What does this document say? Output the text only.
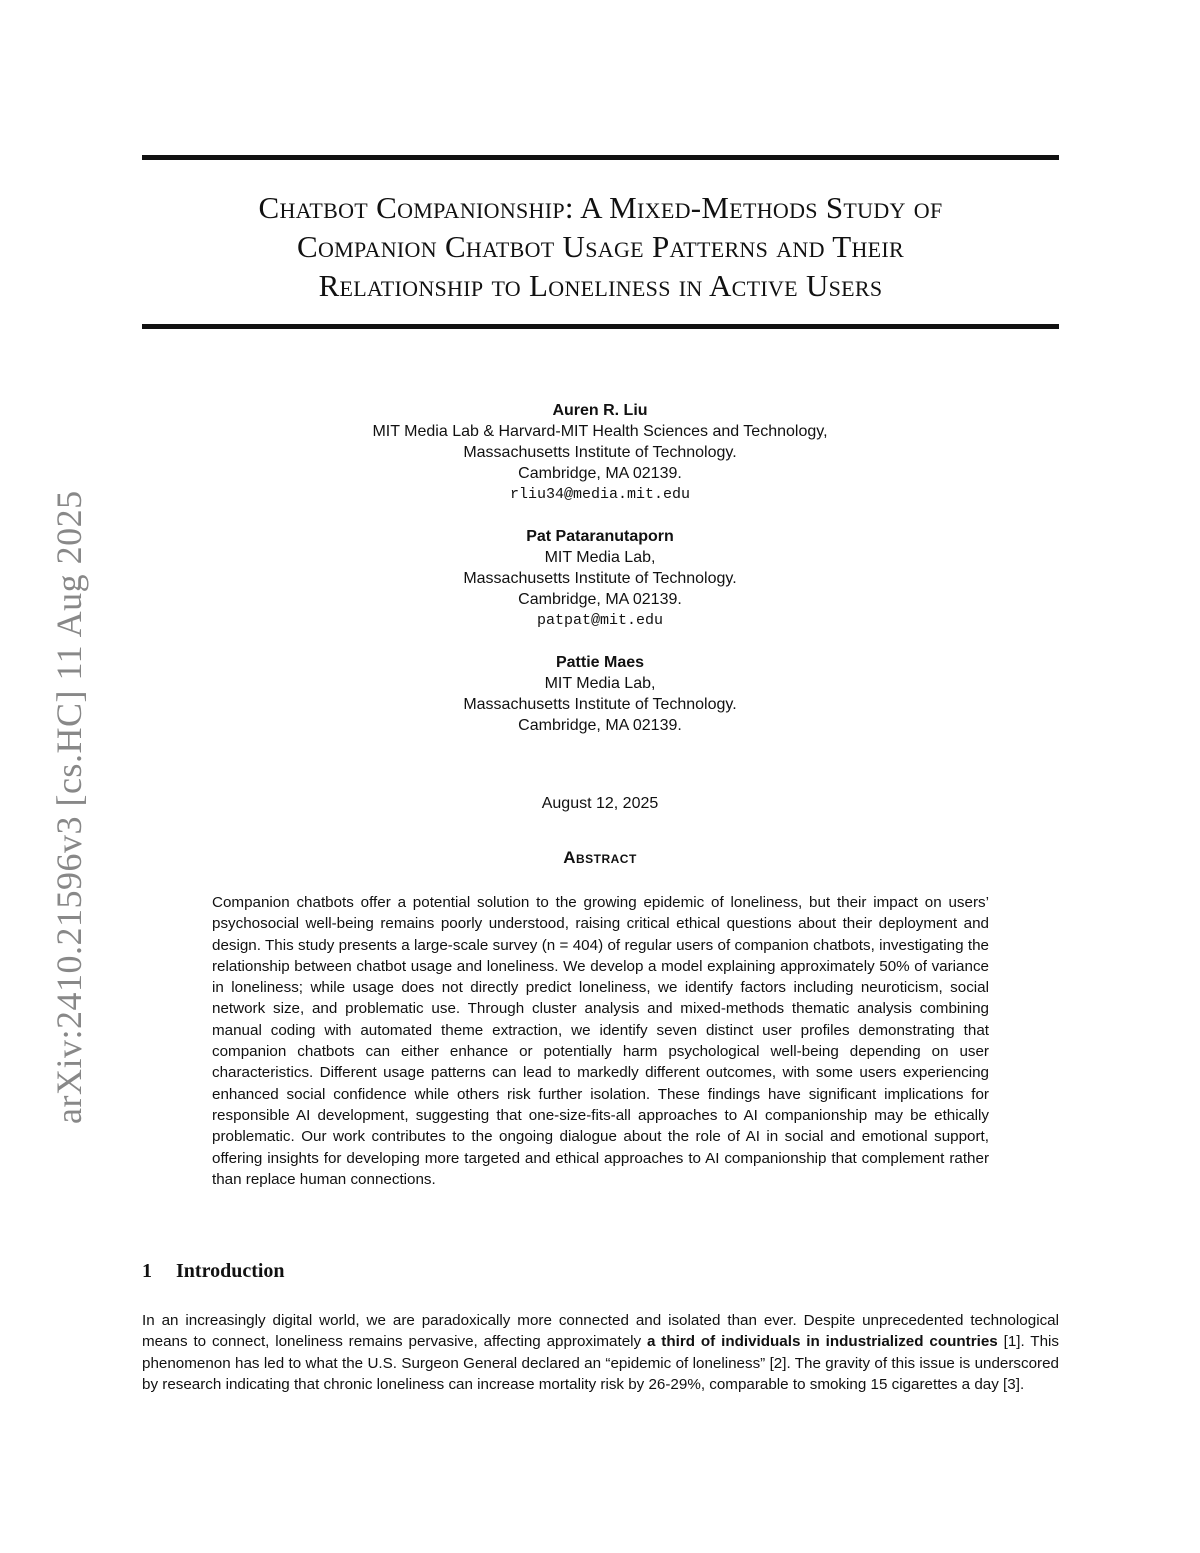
arXiv:2410.21596v3 [cs.HC] 11 Aug 2025
Chatbot Companionship: A Mixed-Methods Study of
Companion Chatbot Usage Patterns and Their
Relationship to Loneliness in Active Users
Auren R. Liu
MIT Media Lab & Harvard-MIT Health Sciences and Technology,
Massachusetts Institute of Technology.
Cambridge, MA 02139.
rliu34@media.mit.edu
Pat Pataranutaporn
MIT Media Lab,
Massachusetts Institute of Technology.
Cambridge, MA 02139.
patpat@mit.edu
Pattie Maes
MIT Media Lab,
Massachusetts Institute of Technology.
Cambridge, MA 02139.
August 12, 2025
Abstract
Companion chatbots offer a potential solution to the growing epidemic of loneliness, but their impact on users’ psychosocial well-being remains poorly understood, raising critical ethical questions about their deployment and design. This study presents a large-scale survey (n = 404) of regular users of companion chatbots, investigating the relationship between chatbot usage and loneliness. We develop a model explaining approximately 50% of variance in loneliness; while usage does not directly predict loneliness, we identify factors including neuroticism, social network size, and problematic use. Through cluster analysis and mixed-methods thematic analysis combining manual coding with automated theme extraction, we identify seven distinct user profiles demonstrating that companion chatbots can either enhance or potentially harm psychological well-being depending on user characteristics. Different usage patterns can lead to markedly different outcomes, with some users experiencing enhanced social confidence while others risk further isolation. These findings have significant implications for responsible AI development, suggesting that one-size-fits-all approaches to AI companionship may be ethically problematic. Our work contributes to the ongoing dialogue about the role of AI in social and emotional support, offering insights for developing more targeted and ethical approaches to AI companionship that complement rather than replace human connections.
1 Introduction
In an increasingly digital world, we are paradoxically more connected and isolated than ever. Despite unprecedented technological means to connect, loneliness remains pervasive, affecting approximately a third of individuals in industrialized countries [1]. This phenomenon has led to what the U.S. Surgeon General declared an “epidemic of loneliness” [2]. The gravity of this issue is underscored by research indicating that chronic loneliness can increase mortality risk by 26-29%, comparable to smoking 15 cigarettes a day [3].
